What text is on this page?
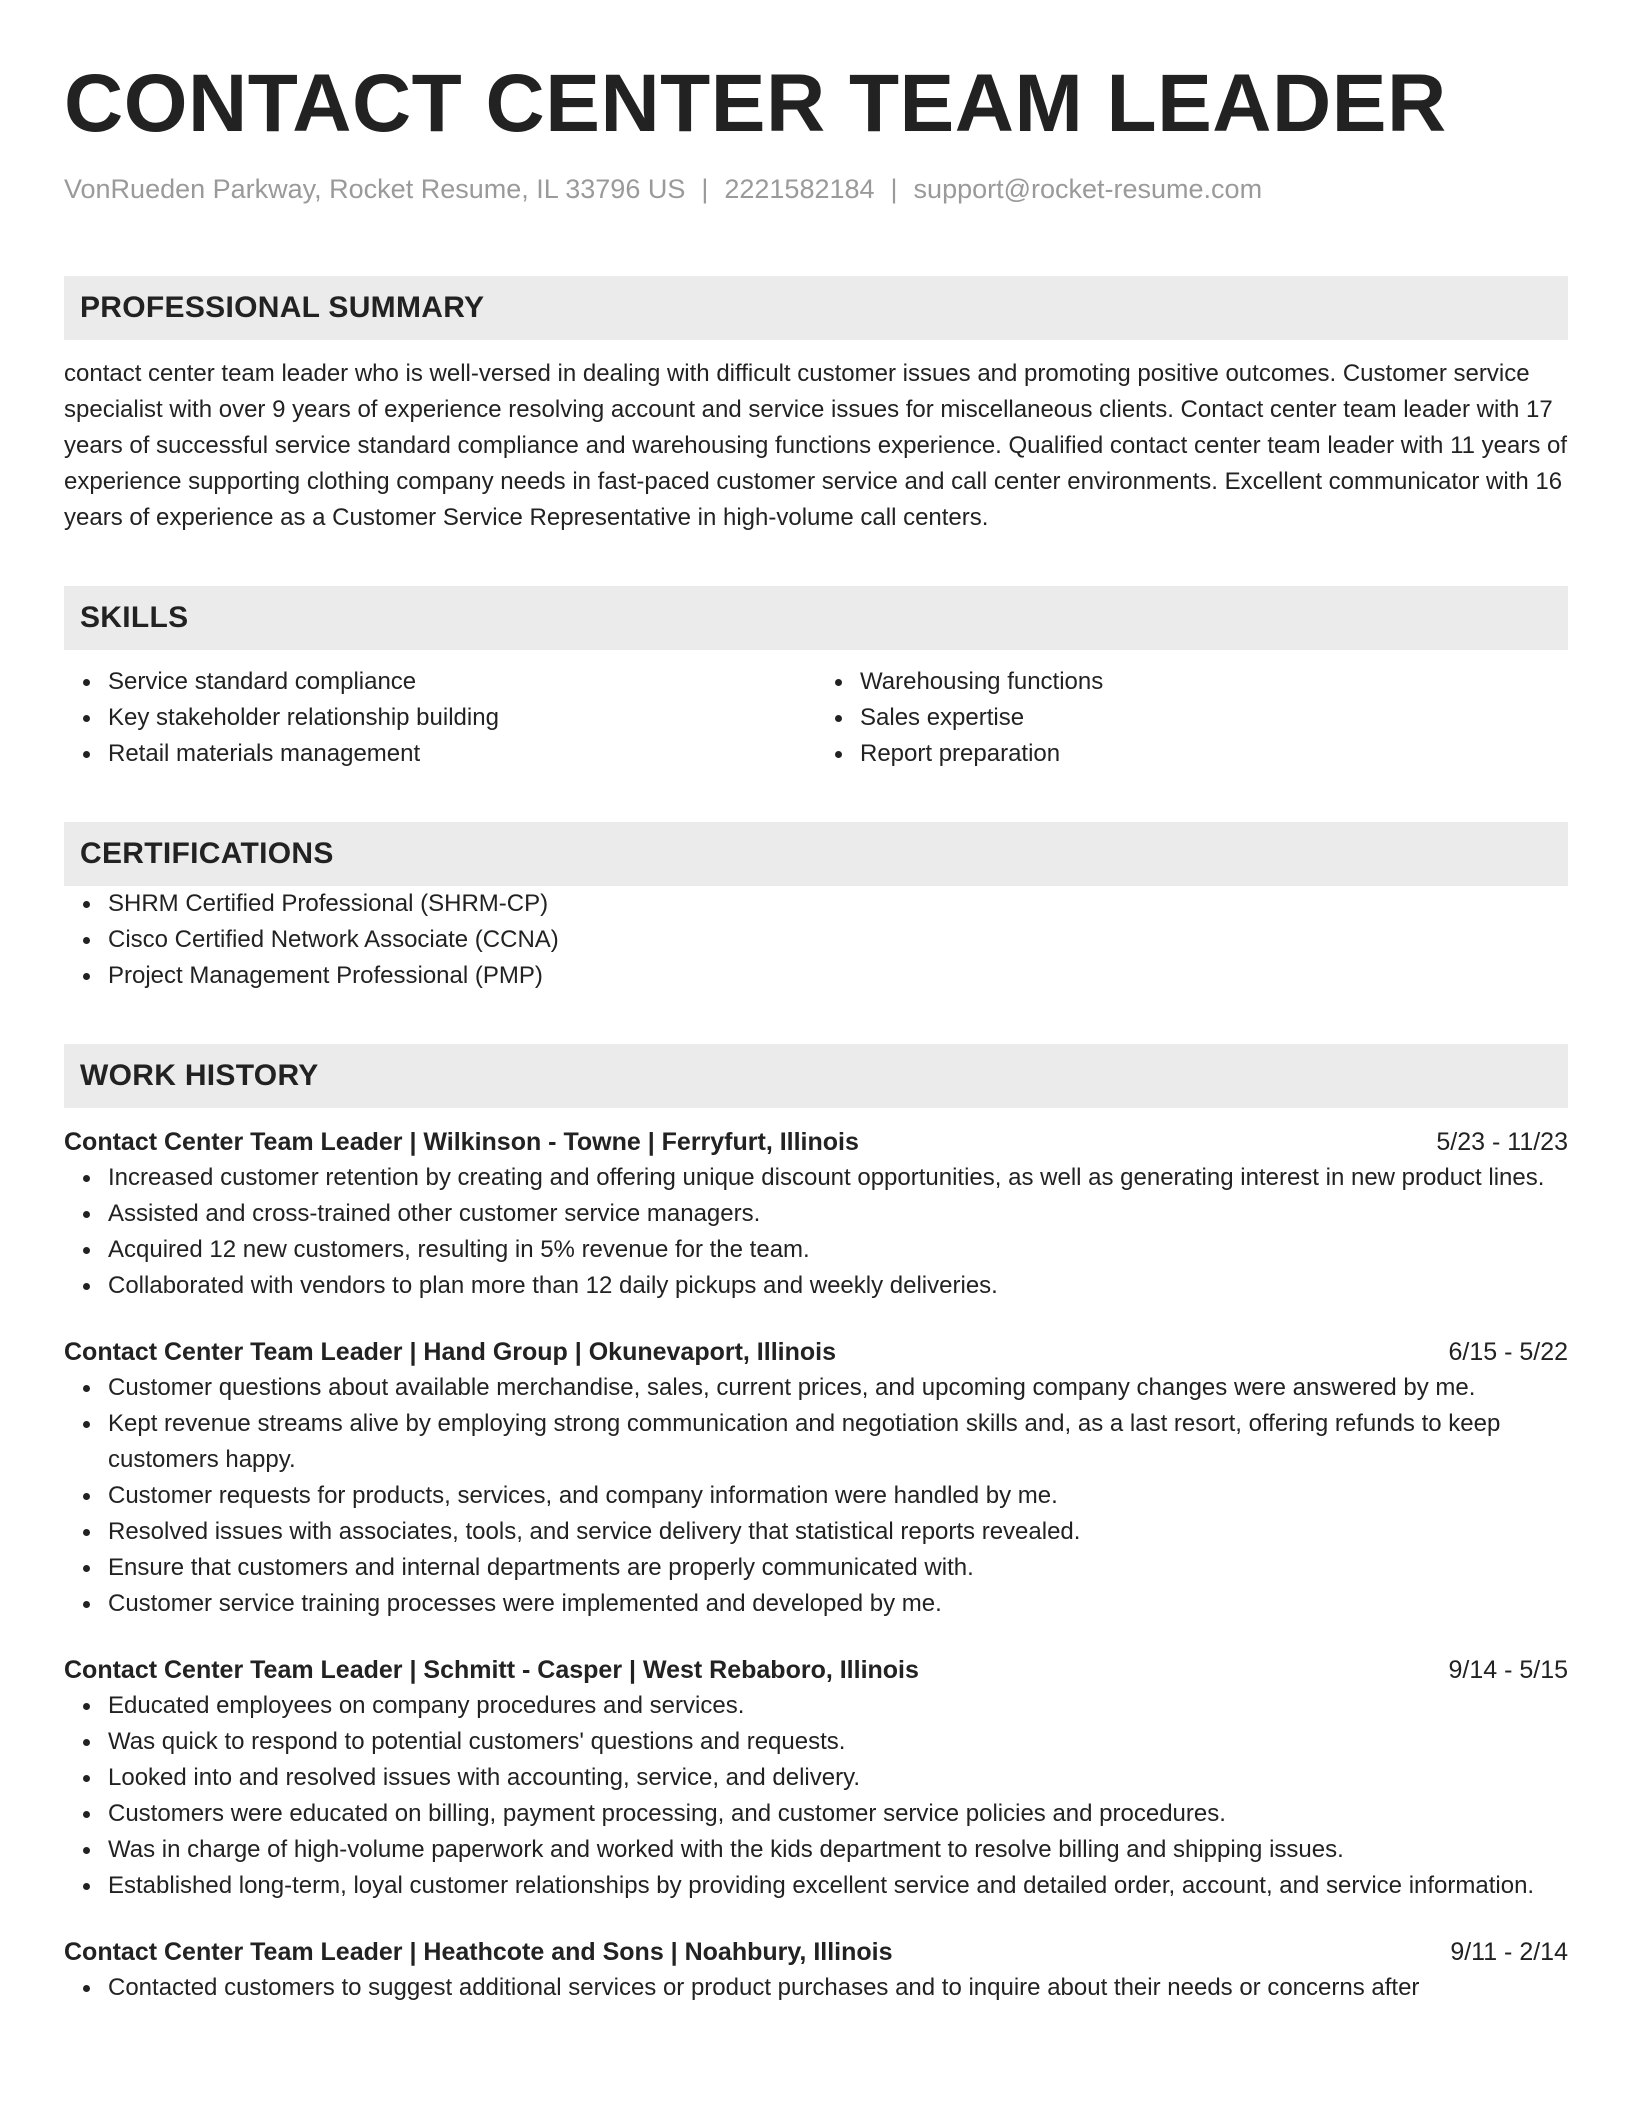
CONTACT CENTER TEAM LEADER
VonRueden Parkway, Rocket Resume, IL 33796 US | 2221582184 | support@rocket-resume.com
PROFESSIONAL SUMMARY
contact center team leader who is well-versed in dealing with difficult customer issues and promoting positive outcomes. Customer service specialist with over 9 years of experience resolving account and service issues for miscellaneous clients. Contact center team leader with 17 years of successful service standard compliance and warehousing functions experience. Qualified contact center team leader with 11 years of experience supporting clothing company needs in fast-paced customer service and call center environments. Excellent communicator with 16 years of experience as a Customer Service Representative in high-volume call centers.
SKILLS
Service standard compliance
Key stakeholder relationship building
Retail materials management
Warehousing functions
Sales expertise
Report preparation
CERTIFICATIONS
SHRM Certified Professional (SHRM-CP)
Cisco Certified Network Associate (CCNA)
Project Management Professional (PMP)
WORK HISTORY
Contact Center Team Leader | Wilkinson - Towne | Ferryfurt, Illinois	5/23 - 11/23
Increased customer retention by creating and offering unique discount opportunities, as well as generating interest in new product lines.
Assisted and cross-trained other customer service managers.
Acquired 12 new customers, resulting in 5% revenue for the team.
Collaborated with vendors to plan more than 12 daily pickups and weekly deliveries.
Contact Center Team Leader | Hand Group | Okunevaport, Illinois	6/15 - 5/22
Customer questions about available merchandise, sales, current prices, and upcoming company changes were answered by me.
Kept revenue streams alive by employing strong communication and negotiation skills and, as a last resort, offering refunds to keep customers happy.
Customer requests for products, services, and company information were handled by me.
Resolved issues with associates, tools, and service delivery that statistical reports revealed.
Ensure that customers and internal departments are properly communicated with.
Customer service training processes were implemented and developed by me.
Contact Center Team Leader | Schmitt - Casper | West Rebaboro, Illinois	9/14 - 5/15
Educated employees on company procedures and services.
Was quick to respond to potential customers' questions and requests.
Looked into and resolved issues with accounting, service, and delivery.
Customers were educated on billing, payment processing, and customer service policies and procedures.
Was in charge of high-volume paperwork and worked with the kids department to resolve billing and shipping issues.
Established long-term, loyal customer relationships by providing excellent service and detailed order, account, and service information.
Contact Center Team Leader | Heathcote and Sons | Noahbury, Illinois	9/11 - 2/14
Contacted customers to suggest additional services or product purchases and to inquire about their needs or concerns after
